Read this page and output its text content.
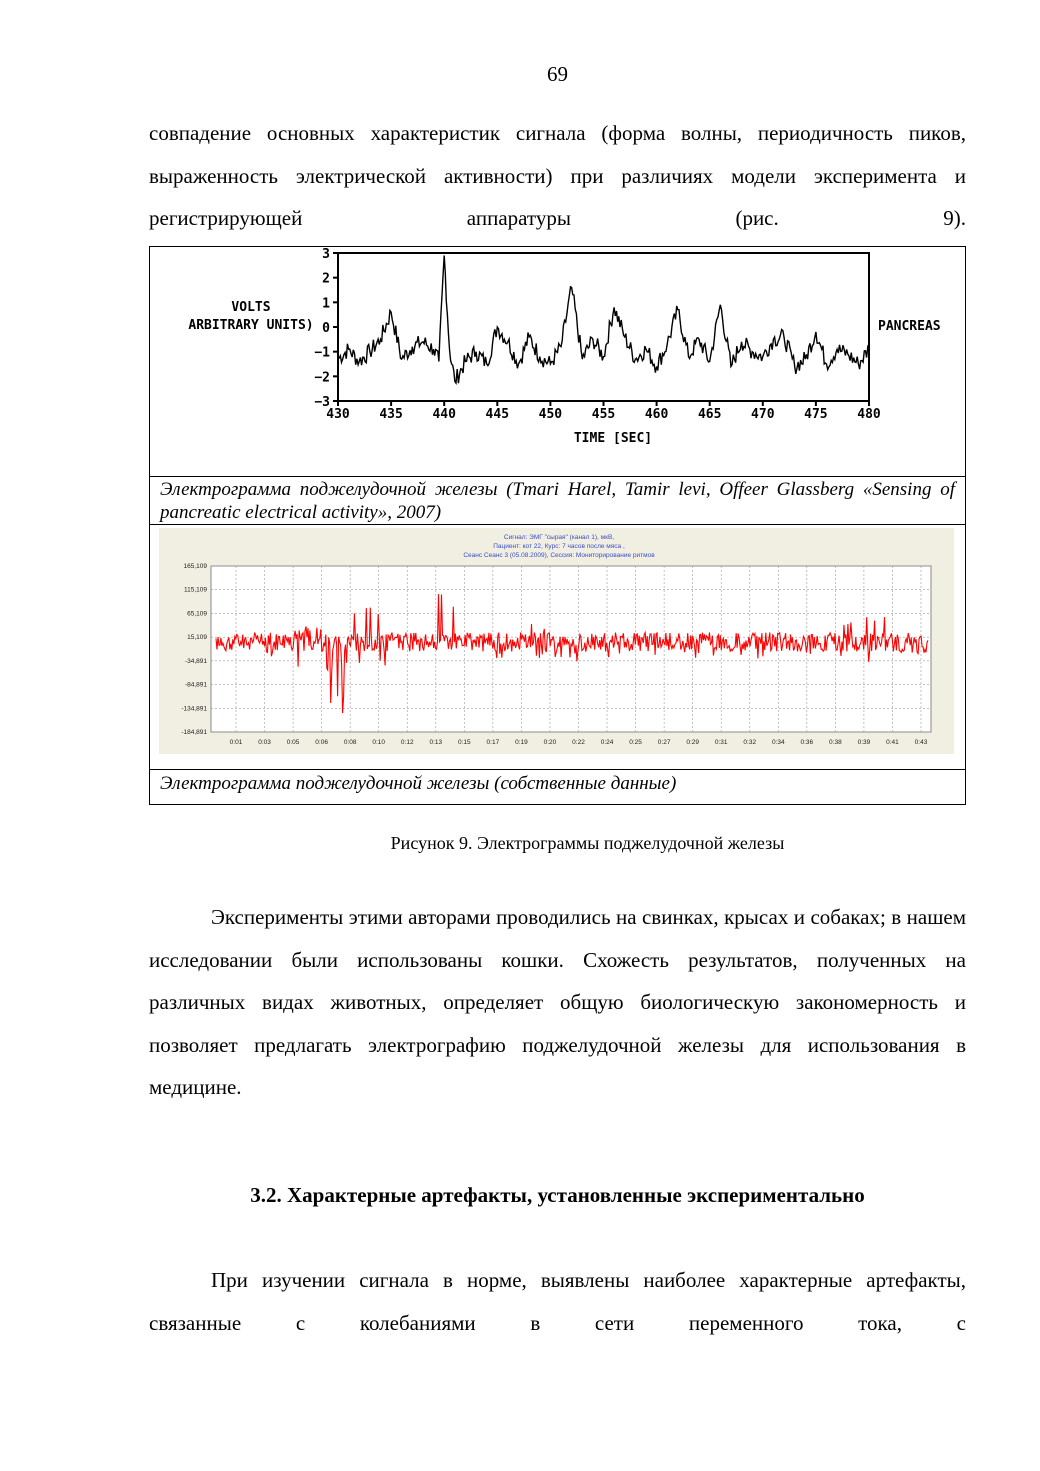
69

совпадение основных характеристик сигнала (форма волны, периодичность пиков, выраженность электрической активности) при различиях модели эксперимента и регистрирующей аппаратуры (рис. 9).

Электрограмма поджелудочной железы (Tmari Harel, Tamir levi, Offeer Glassberg «Sensing of pancreatic electrical activity», 2007)
Электрограмма поджелудочной железы (собственные данные)
VOLTS
ARBITRARY UNITS)	PANCREAS
TIME [SEC]
430 435 440 445 450 455 460 465 470 475 480
3
2
1
0
−1
−2
−3
Сигнал: ЭМГ "сырая" (канал 1), мкВ,
Пациент: кот 22, Курс: 7 часов после мяса ,
Сеанс Сеанс 3 (05.08.2009), Сессия: Мониторирование ритмов
165,109
115,109
65,109
15,109
-34,891
-84,891
-134,891
-184,891
0:01 0:03 0:05 0:06 0:08 0:10 0:12 0:13 0:15 0:17 0:19 0:20 0:22 0:24 0:25 0:27 0:29 0:31 0:32 0:34 0:36 0:38 0:39 0:41 0:43
Рисунок 9. Электрограммы поджелудочной железы

Эксперименты этими авторами проводились на свинках, крысах и собаках; в нашем исследовании были использованы кошки. Схожесть результатов, полученных на различных видах животных, определяет общую биологическую закономерность и позволяет предлагать электрографию поджелудочной железы для использования в медицине.

3.2. Характерные артефакты, установленные экспериментально

При изучении сигнала в норме, выявлены наиболее характерные артефакты, связанные с колебаниями в сети переменного тока, с
